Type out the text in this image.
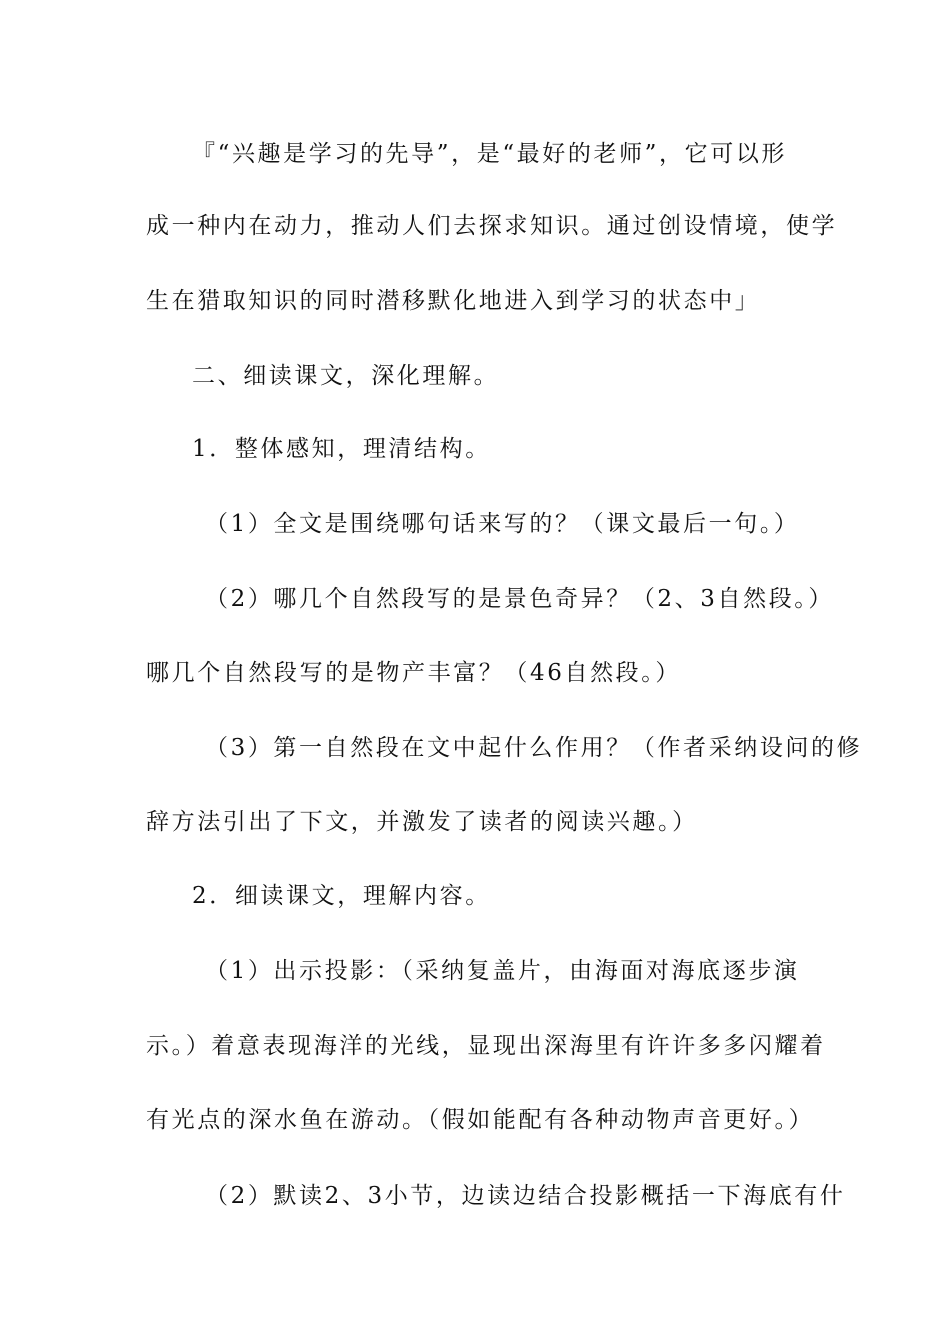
『“兴趣是学习的先导”，是“最好的老师”，它可以形
成一种内在动力，推动人们去探求知识。通过创设情境，使学
生在猎取知识的同时潜移默化地进入到学习的状态中」
二、细读课文，深化理解。
1．整体感知，理清结构。
（1）全文是围绕哪句话来写的？（课文最后一句。）
（2）哪几个自然段写的是景色奇异？（2、3自然段。）
哪几个自然段写的是物产丰富？（46自然段。）
（3）第一自然段在文中起什么作用？（作者采纳设问的修
辞方法引出了下文，并激发了读者的阅读兴趣。）
2．细读课文，理解内容。
（1）出示投影：（采纳复盖片，由海面对海底逐步演
示。）着意表现海洋的光线，显现出深海里有许许多多闪耀着
有光点的深水鱼在游动。（假如能配有各种动物声音更好。）
（2）默读2、3小节，边读边结合投影概括一下海底有什
